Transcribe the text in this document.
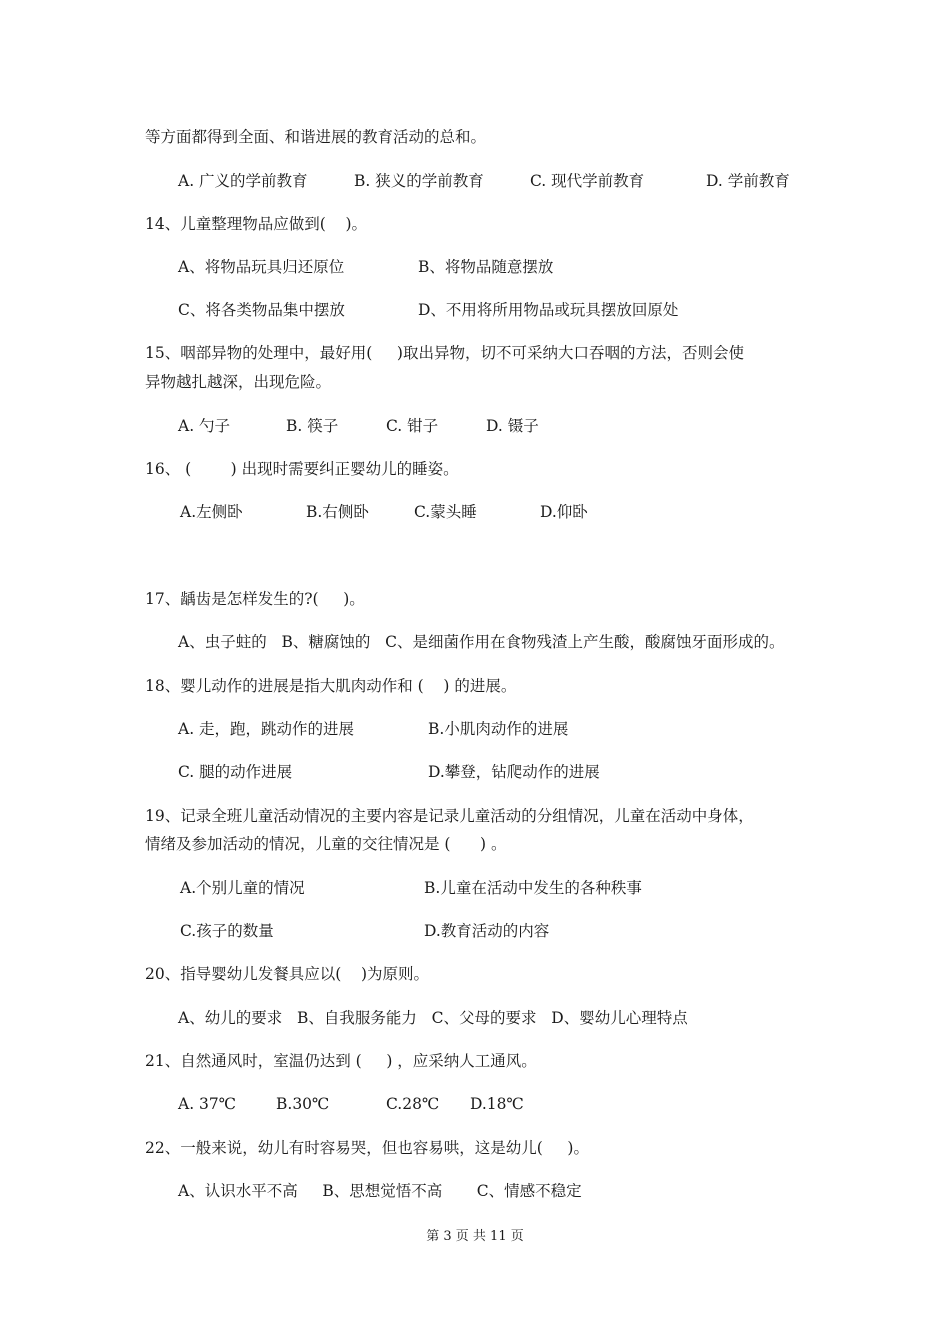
等方面都得到全面、和谐进展的教育活动的总和。
A. 广义的学前教育	B. 狭义的学前教育	C. 现代学前教育	D. 学前教育
14、儿童整理物品应做到(    )。
A、将物品玩具归还原位	B、将物品随意摆放
C、将各类物品集中摆放	D、不用将所用物品或玩具摆放回原处
15、咽部异物的处理中，最好用(     )取出异物，切不可采纳大口吞咽的方法，否则会使
异物越扎越深，出现危险。
A. 勺子	B. 筷子	C. 钳子	D. 镊子
16、 (        ) 出现时需要纠正婴幼儿的睡姿。
A.左侧卧	B.右侧卧	C.蒙头睡	D.仰卧
17、龋齿是怎样发生的?(     )。
A、虫子蛀的   B、糖腐蚀的   C、是细菌作用在食物残渣上产生酸，酸腐蚀牙面形成的。
18、婴儿动作的进展是指大肌肉动作和 (    ) 的进展。
A. 走，跑，跳动作的进展	B.小肌肉动作的进展
C. 腿的动作进展	D.攀登，钻爬动作的进展
19、记录全班儿童活动情况的主要内容是记录儿童活动的分组情况，儿童在活动中身体，
情绪及参加活动的情况，儿童的交往情况是 (      ) 。
A.个别儿童的情况	B.儿童在活动中发生的各种秩事
C.孩子的数量	D.教育活动的内容
20、指导婴幼儿发餐具应以(    )为原则。
A、幼儿的要求   B、自我服务能力   C、父母的要求   D、婴幼儿心理特点
21、自然通风时，室温仍达到 (     ) ，应采纳人工通风。
A. 37℃	B.30℃	C.28℃ D.18℃
22、一般来说，幼儿有时容易哭，但也容易哄，这是幼儿(     )。
A、认识水平不高     B、思想觉悟不高       C、情感不稳定
第 3 页 共 11 页
